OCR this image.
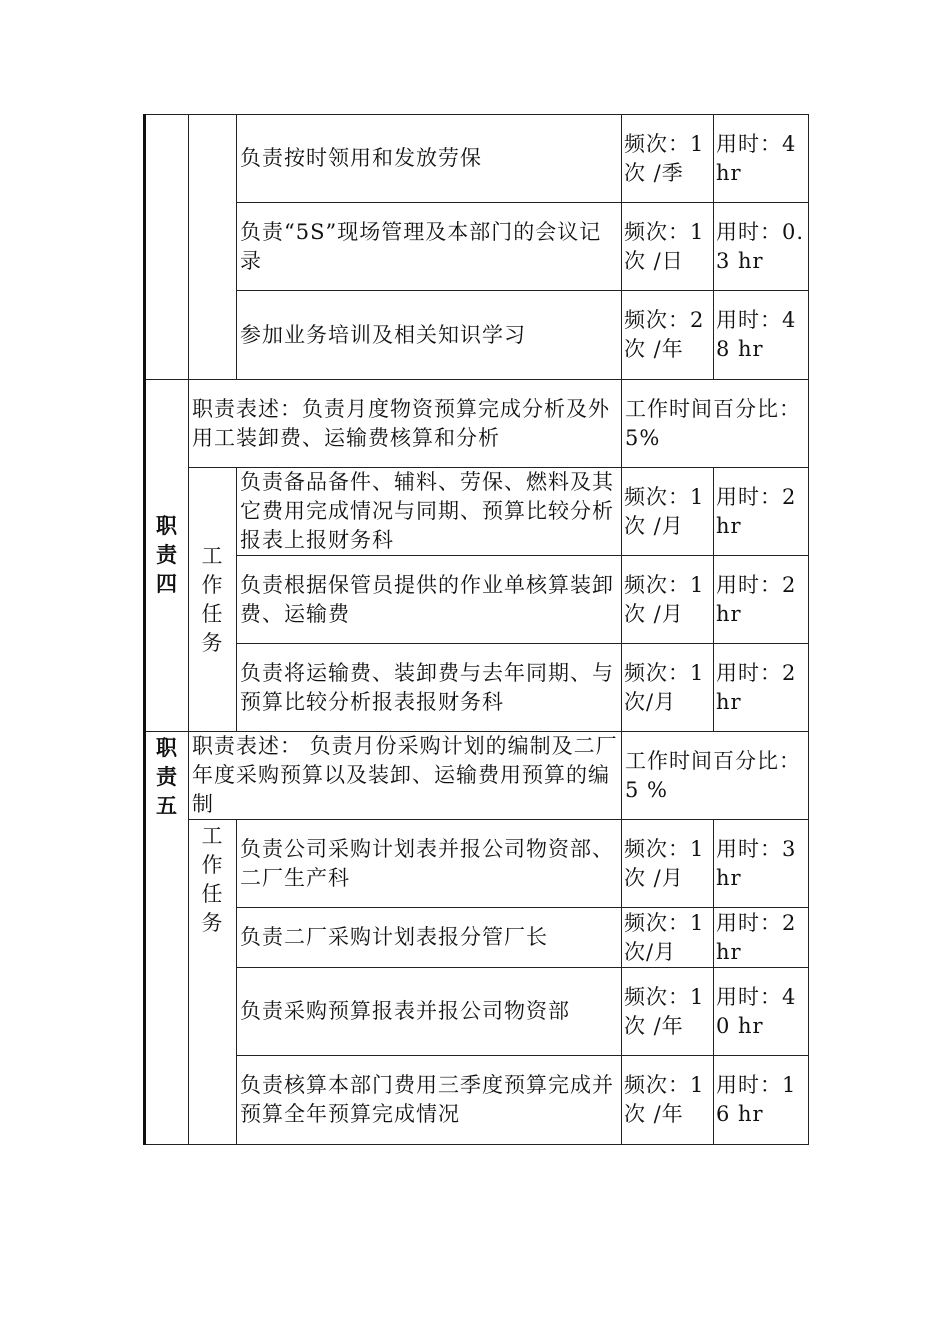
		负责按时领用和发放劳保	频次：1 次 /季	用时：4 hr
		负责“5S”现场管理及本部门的会议记录	频次：1 次 /日	用时：0.3 hr
		参加业务培训及相关知识学习	频次：2 次 /年	用时：48 hr
职责四	职责表述：负责月度物资预算完成分析及外用工装卸费、运输费核算和分析		工作时间百分比： 5%	
	工作任务	负责备品备件、辅料、劳保、燃料及其它费用完成情况与同期、预算比较分析报表上报财务科	频次：1 次 /月	用时：2 hr
		负责根据保管员提供的作业单核算装卸费、运输费	频次：1 次 /月	用时：2 hr
		负责将运输费、装卸费与去年同期、与预算比较分析报表报财务科	频次：1次/月	用时：2 hr
职责五	职责表述： 负责月份采购计划的编制及二厂年度采购预算以及装卸、运输费用预算的编制		工作时间百分比：5 %	
	工作任务	负责公司采购计划表并报公司物资部、二厂生产科	频次：1 次 /月	用时：3 hr
		负责二厂采购计划表报分管厂长	频次：1次/月	用时：2 hr
		负责采购预算报表并报公司物资部	频次：1 次 /年	用时：40 hr
		负责核算本部门费用三季度预算完成并预算全年预算完成情况	频次：1 次 /年	用时：16 hr
